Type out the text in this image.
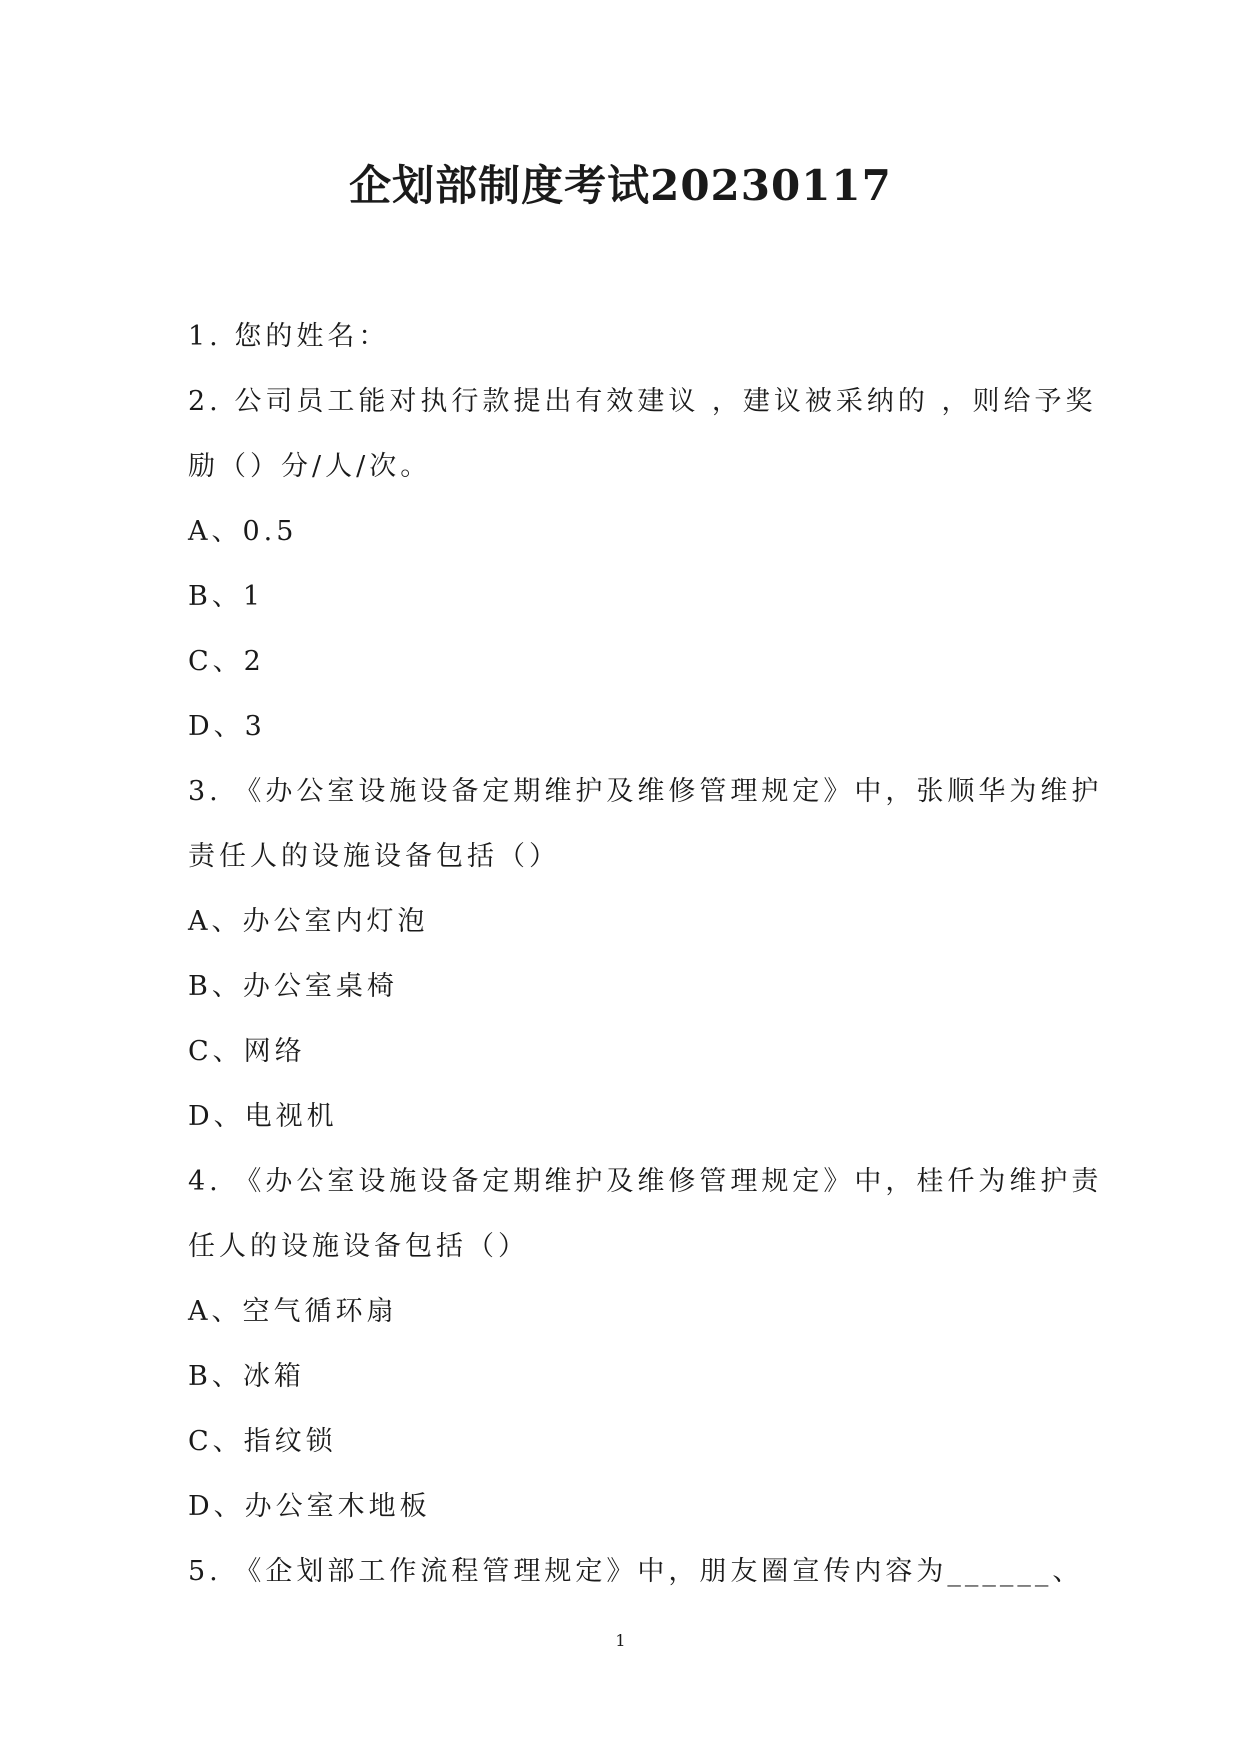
企划部制度考试20230117
1. 您的姓名：
2. 公司员工能对执行款提出有效建议 ，建议被采纳的 ，则给予奖
励（）分/人/次。
A、0.5
B、1
C、2
D、3
3. 《办公室设施设备定期维护及维修管理规定》中，张顺华为维护
责任人的设施设备包括（）
A、办公室内灯泡
B、办公室桌椅
C、网络
D、电视机
4. 《办公室设施设备定期维护及维修管理规定》中，桂仟为维护责
任人的设施设备包括（）
A、空气循环扇
B、冰箱
C、指纹锁
D、办公室木地板
5. 《企划部工作流程管理规定》中，朋友圈宣传内容为______、
1
